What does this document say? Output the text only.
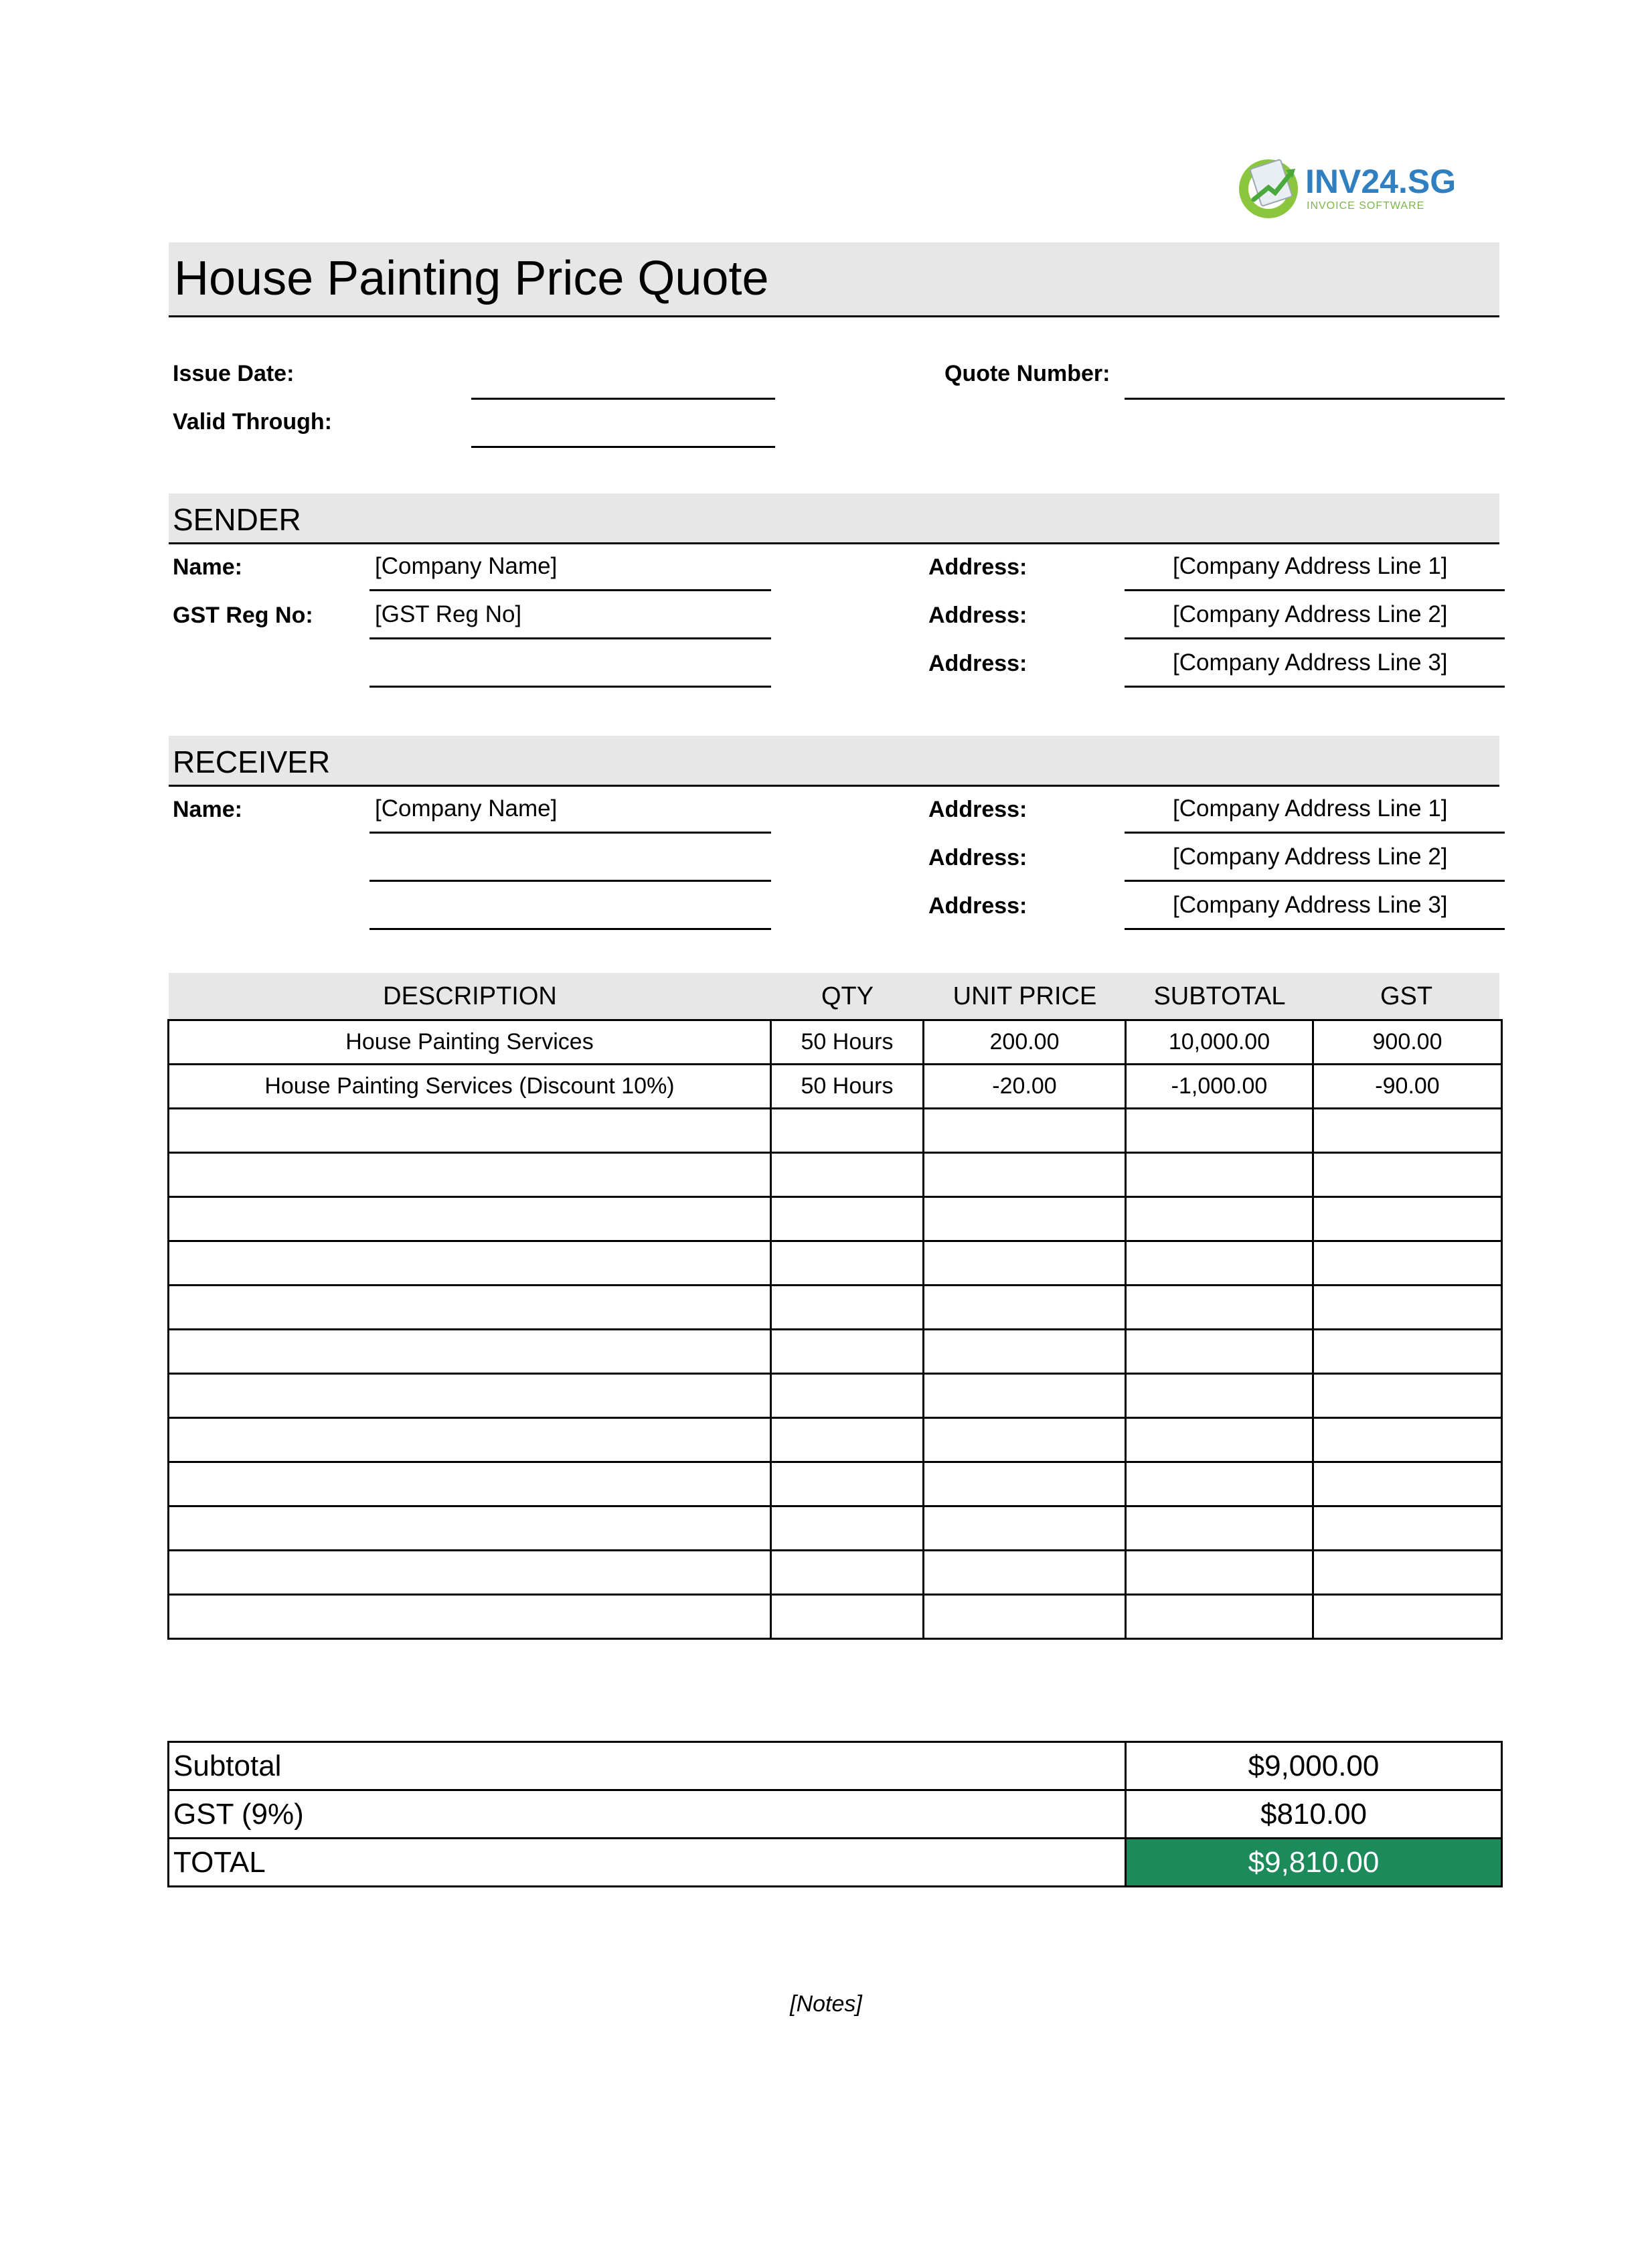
INV24.SG
INVOICE SOFTWARE
House Painting Price Quote
Issue Date:
Valid Through:
Quote Number:
SENDER
Name:	[Company Name]
GST Reg No:	[GST Reg No]
Address:	[Company Address Line 1]
Address:	[Company Address Line 2]
Address:	[Company Address Line 3]
RECEIVER
Name:	[Company Name]	Address:	[Company Address Line 1]
Address:	[Company Address Line 2]
Address:	[Company Address Line 3]
DESCRIPTION	QTY	UNIT PRICE	SUBTOTAL	GST
House Painting Services	50 Hours	200.00	10,000.00	900.00
House Painting Services (Discount 10%)	50 Hours	-20.00	-1,000.00	-90.00

Subtotal	$9,000.00
GST (9%)	$810.00
TOTAL	$9,810.00
[Notes]
